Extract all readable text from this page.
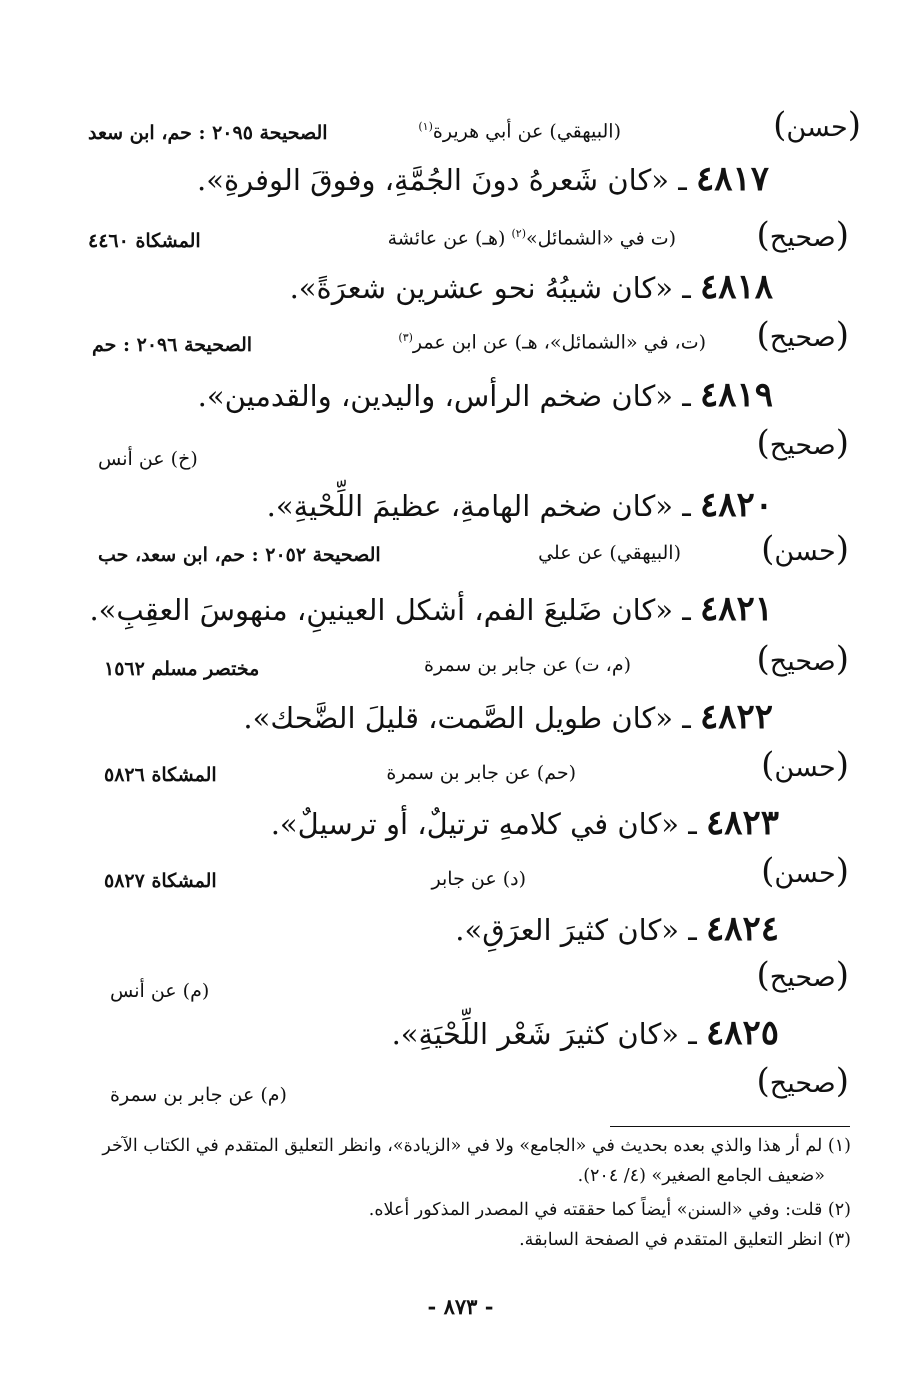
(حسن)
(البيهقي) عن أبي هريرة$^{(١)}$
الصحيحة ٢٠٩٥ : حم، ابن سعد
٤٨١٧ ـ «كان شَعرهُ دونَ الجُمَّةِ، وفوقَ الوفرةِ».
(صحيح)
(ت في «الشمائل»$^{(٢)}$ (هـ) عن عائشة
المشكاة ٤٤٦٠
٤٨١٨ ـ «كان شيبُهُ نحو عشرين شعرَةً».
(صحيح)
(ت، في «الشمائل»، هـ) عن ابن عمر$^{(٣)}$
الصحيحة ٢٠٩٦ : حم
٤٨١٩ ـ «كان ضخم الرأس، واليدين، والقدمين».
(صحيح)
(خ) عن أنس
٤٨٢٠ ـ «كان ضخم الهامةِ، عظيمَ اللِّحْيةِ».
(حسن)
(البيهقي) عن علي
الصحيحة ٢٠٥٢ : حم، ابن سعد، حب
٤٨٢١ ـ «كان ضَليعَ الفم، أشكل العينينِ، منهوسَ العقِبِ».
(صحيح)
(م، ت) عن جابر بن سمرة
مختصر مسلم ١٥٦٢
٤٨٢٢ ـ «كان طويل الصَّمت، قليلَ الضَّحك».
(حسن)
(حم) عن جابر بن سمرة
المشكاة ٥٨٢٦
٤٨٢٣ ـ «كان في كلامهِ ترتيلٌ، أو ترسيلٌ».
(حسن)
(د) عن جابر
المشكاة ٥٨٢٧
٤٨٢٤ ـ «كان كثيرَ العرَقِ».
(صحيح)
(م) عن أنس
٤٨٢٥ ـ «كان كثيرَ شَعْر اللِّحْيَةِ».
(صحيح)
(م) عن جابر بن سمرة
(١) لم أر هذا والذي بعده بحديث في «الجامع» ولا في «الزيادة»، وانظر التعليق المتقدم في الكتاب الآخر
«ضعيف الجامع الصغير» (٤/ ٢٠٤).
(٢) قلت: وفي «السنن» أيضاً كما حققته في المصدر المذكور أعلاه.
(٣) انظر التعليق المتقدم في الصفحة السابقة.
- ٨٧٣ -
